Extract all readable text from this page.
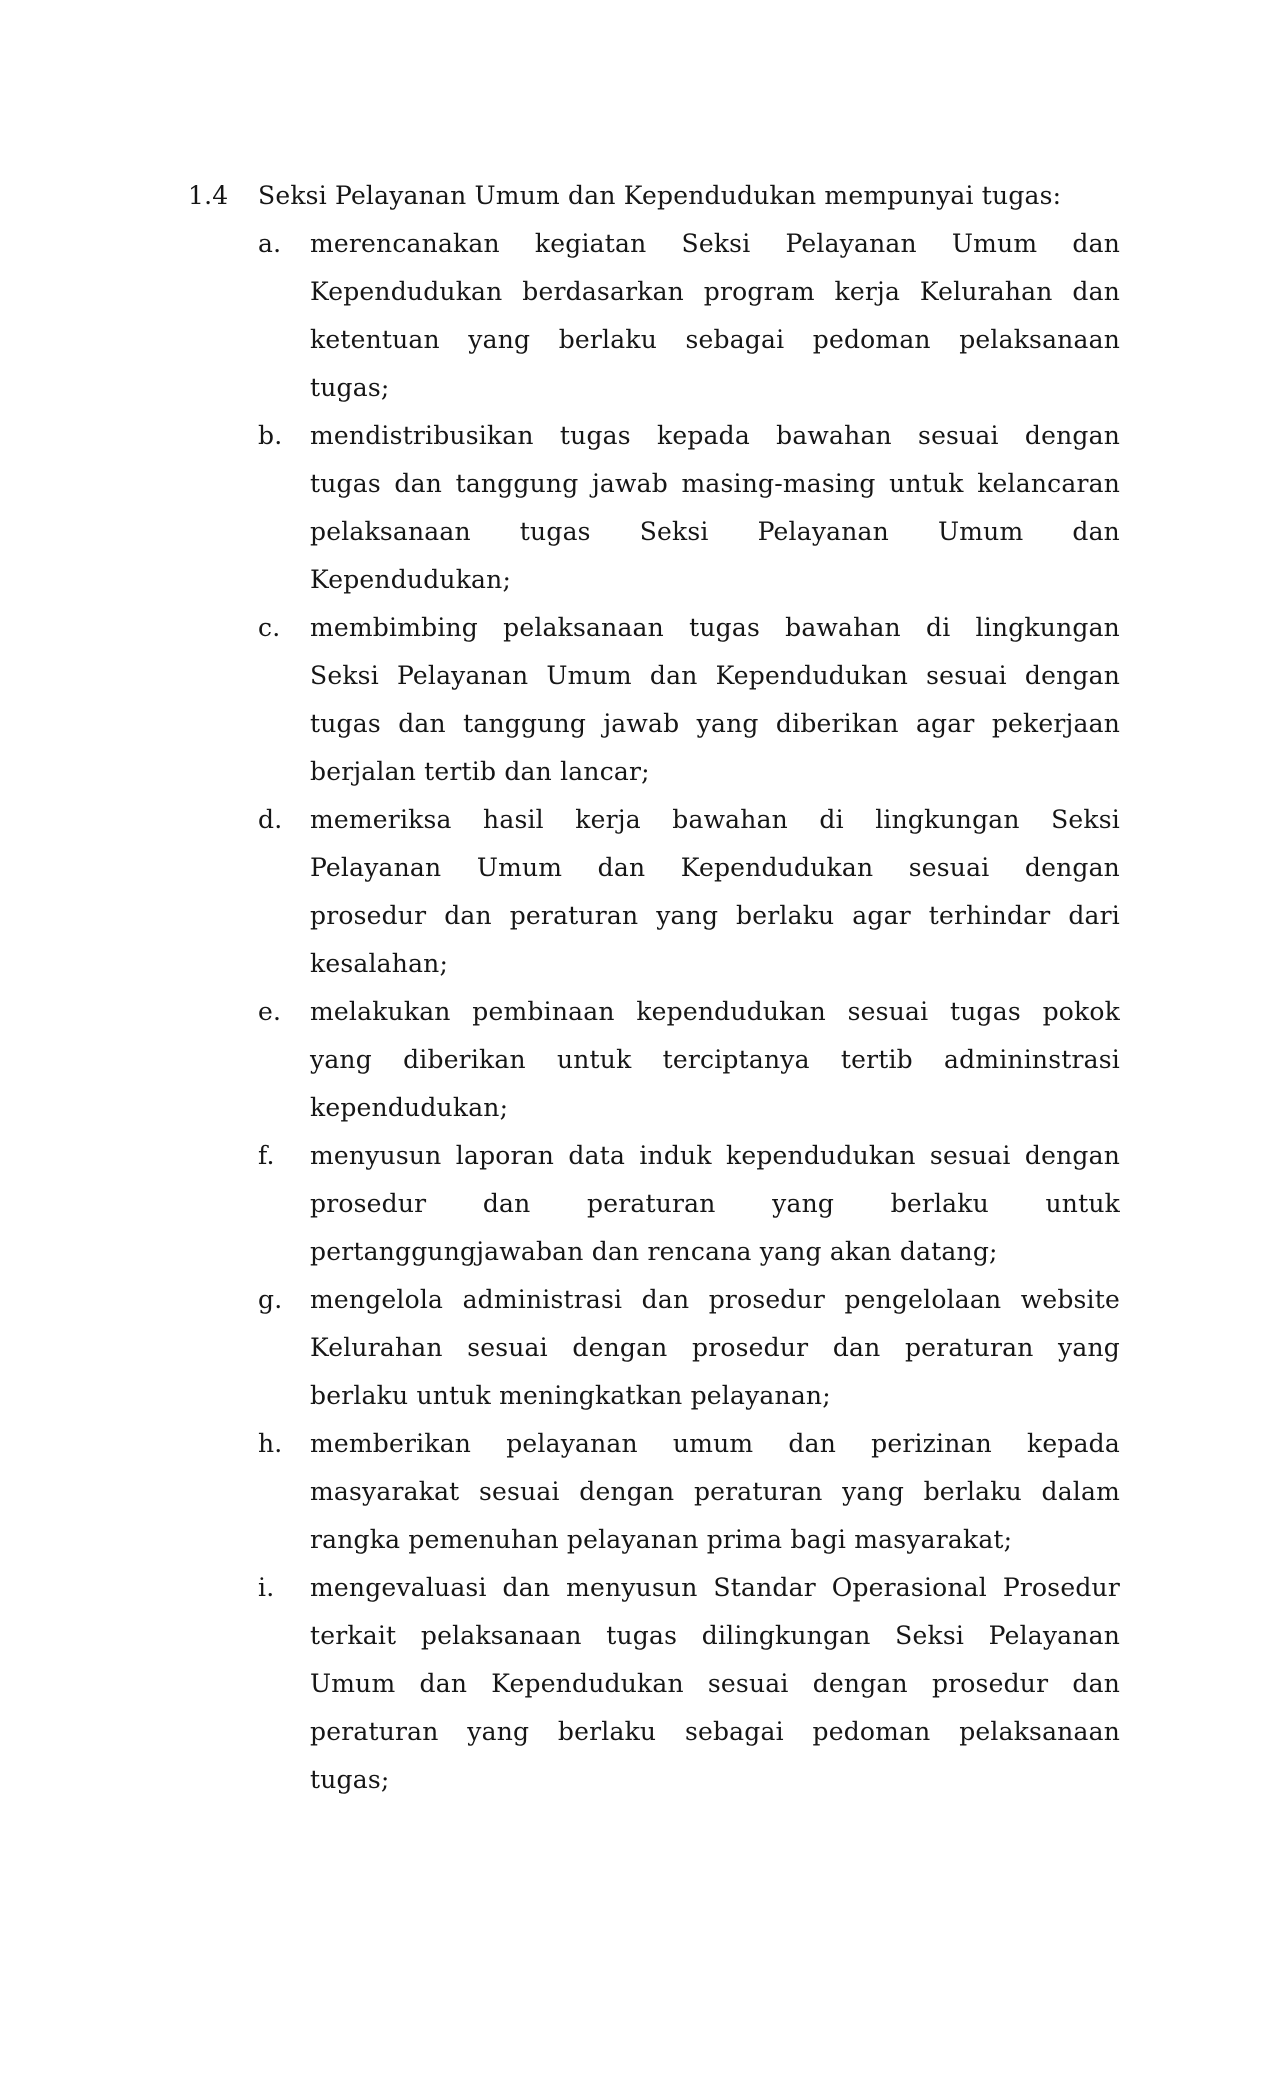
1.4	Seksi Pelayanan Umum dan Kependudukan mempunyai tugas:
a.	merencanakan kegiatan Seksi Pelayanan Umum dan
Kependudukan berdasarkan program kerja Kelurahan dan
ketentuan yang berlaku sebagai pedoman pelaksanaan
tugas;
b.	mendistribusikan tugas kepada bawahan sesuai dengan
tugas dan tanggung jawab masing-masing untuk kelancaran
pelaksanaan tugas Seksi Pelayanan Umum dan
Kependudukan;
c.	membimbing pelaksanaan tugas bawahan di lingkungan
Seksi Pelayanan Umum dan Kependudukan sesuai dengan
tugas dan tanggung jawab yang diberikan agar pekerjaan
berjalan tertib dan lancar;
d.	memeriksa hasil kerja bawahan di lingkungan Seksi
Pelayanan Umum dan Kependudukan sesuai dengan
prosedur dan peraturan yang berlaku agar terhindar dari
kesalahan;
e.	melakukan pembinaan kependudukan sesuai tugas pokok
yang diberikan untuk terciptanya tertib admininstrasi
kependudukan;
f.	menyusun laporan data induk kependudukan sesuai dengan
prosedur dan peraturan yang berlaku untuk
pertanggungjawaban dan rencana yang akan datang;
g.	mengelola administrasi dan prosedur pengelolaan website
Kelurahan sesuai dengan prosedur dan peraturan yang
berlaku untuk meningkatkan pelayanan;
h.	memberikan pelayanan umum dan perizinan kepada
masyarakat sesuai dengan peraturan yang berlaku dalam
rangka pemenuhan pelayanan prima bagi masyarakat;
i.	mengevaluasi dan menyusun Standar Operasional Prosedur
terkait pelaksanaan tugas dilingkungan Seksi Pelayanan
Umum dan Kependudukan sesuai dengan prosedur dan
peraturan yang berlaku sebagai pedoman pelaksanaan
tugas;
